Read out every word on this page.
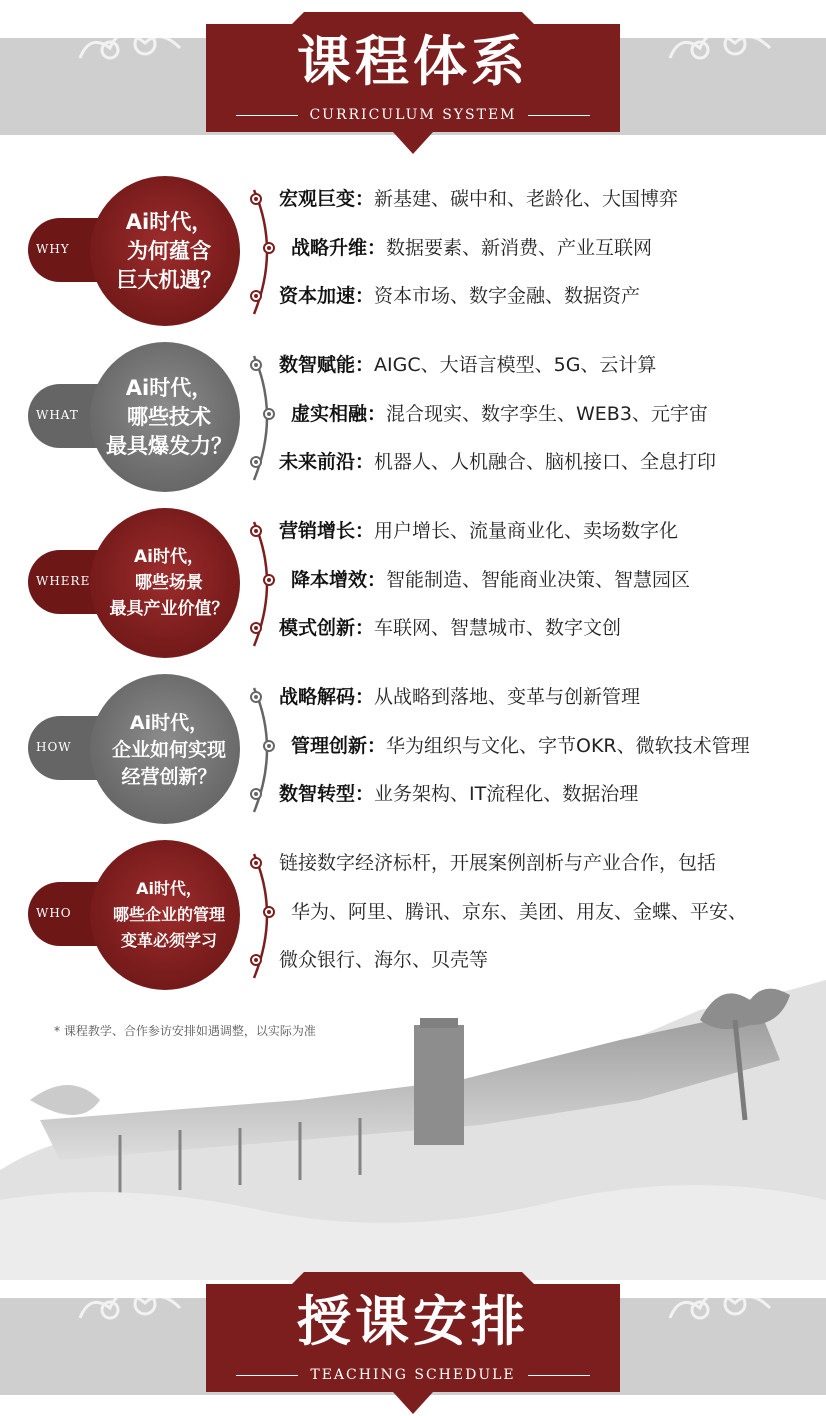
课程体系
CURRICULUM SYSTEM
WHY
Ai时代，
为何蕴含
巨大机遇？
宏观巨变：新基建、碳中和、老龄化、大国博弈
战略升维：数据要素、新消费、产业互联网
资本加速：资本市场、数字金融、数据资产
WHAT
Ai时代，
哪些技术
最具爆发力？
数智赋能：AIGC、大语言模型、5G、云计算
虚实相融：混合现实、数字孪生、WEB3、元宇宙
未来前沿：机器人、人机融合、脑机接口、全息打印
WHERE
Ai时代，
哪些场景
最具产业价值？
营销增长：用户增长、流量商业化、卖场数字化
降本增效：智能制造、智能商业决策、智慧园区
模式创新：车联网、智慧城市、数字文创
HOW
Ai时代，
企业如何实现
经营创新？
战略解码：从战略到落地、变革与创新管理
管理创新：华为组织与文化、字节OKR、微软技术管理
数智转型：业务架构、IT流程化、数据治理
WHO
Ai时代，
哪些企业的管理
变革必须学习
链接数字经济标杆，开展案例剖析与产业合作，包括
华为、阿里、腾讯、京东、美团、用友、金蝶、平安、
微众银行、海尔、贝壳等
* 课程教学、合作参访安排如遇调整，以实际为准
授课安排
TEACHING SCHEDULE
